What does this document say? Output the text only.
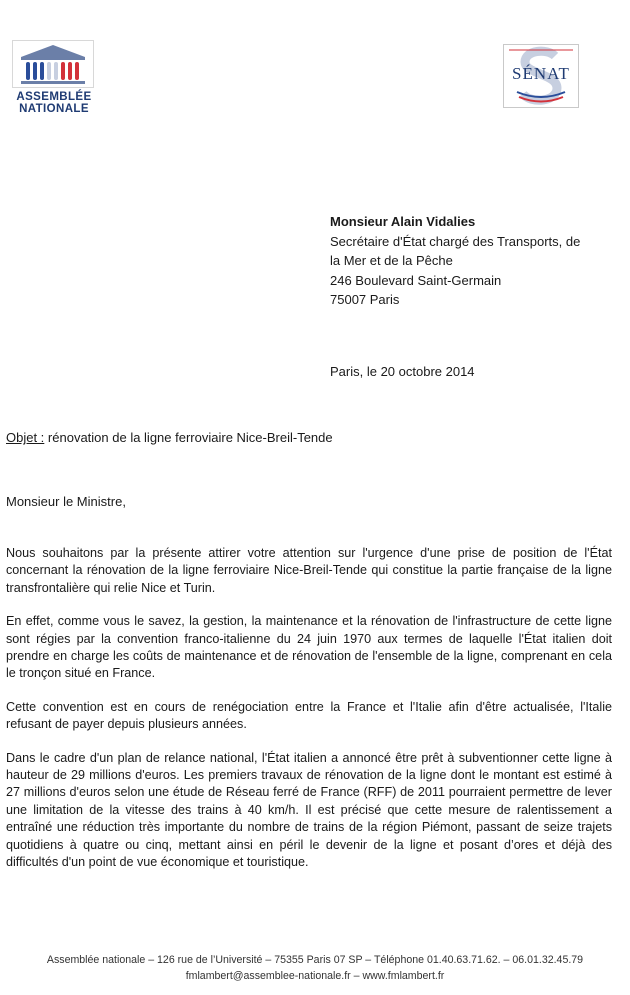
ASSEMBLÉE
NATIONALE
SÉNAT
Monsieur Alain Vidalies
Secrétaire d'État chargé des Transports, de
la Mer et de la Pêche
246 Boulevard Saint-Germain
75007 Paris
Paris, le 20 octobre 2014
Objet : rénovation de la ligne ferroviaire Nice-Breil-Tende
Monsieur le Ministre,

Nous souhaitons par la présente attirer votre attention sur l'urgence d'une prise de position de l'État concernant la rénovation de la ligne ferroviaire Nice-Breil-Tende qui constitue la partie française de la ligne transfrontalière qui relie Nice et Turin.

En effet, comme vous le savez, la gestion, la maintenance et la rénovation de l'infrastructure de cette ligne sont régies par la convention franco-italienne du 24 juin 1970 aux termes de laquelle l'État italien doit prendre en charge les coûts de maintenance et de rénovation de l'ensemble de la ligne, comprenant en cela le tronçon situé en France.

Cette convention est en cours de renégociation entre la France et l'Italie afin d'être actualisée, l'Italie refusant de payer depuis plusieurs années.

Dans le cadre d'un plan de relance national, l'État italien a annoncé être prêt à subventionner cette ligne à hauteur de 29 millions d'euros. Les premiers travaux de rénovation de la ligne dont le montant est estimé à 27 millions d'euros selon une étude de Réseau ferré de France (RFF) de 2011 pourraient permettre de lever une limitation de la vitesse des trains à 40 km/h. Il est précisé que cette mesure de ralentissement a entraîné une réduction très importante du nombre de trains de la région Piémont, passant de seize trajets quotidiens à quatre ou cinq, mettant ainsi en péril le devenir de la ligne et posant d’ores et déjà des difficultés d'un point de vue économique et touristique.

Assemblée nationale – 126 rue de l’Université – 75355 Paris 07 SP – Téléphone 01.40.63.71.62. – 06.01.32.45.79
fmlambert@assemblee-nationale.fr – www.fmlambert.fr
